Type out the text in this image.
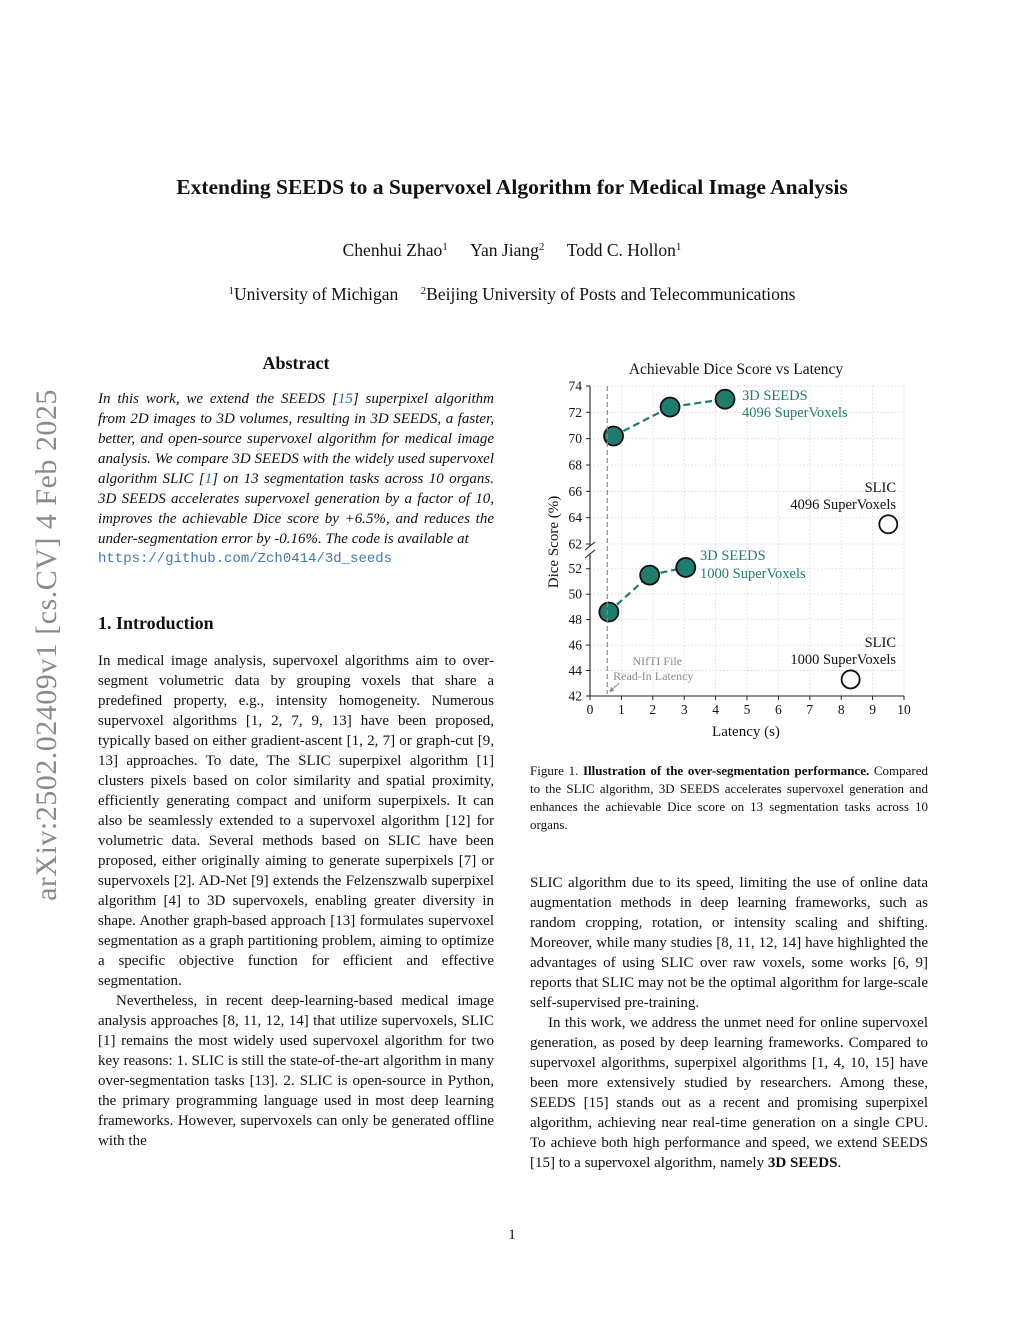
arXiv:2502.02409v1 [cs.CV] 4 Feb 2025
Extending SEEDS to a Supervoxel Algorithm for Medical Image Analysis
Chenhui Zhao$^1$ Yan Jiang$^2$ Todd C. Hollon$^1$
$^1$University of Michigan $^2$Beijing University of Posts and Telecommunications
Abstract
In this work, we extend the SEEDS [15] superpixel algorithm from 2D images to 3D volumes, resulting in 3D SEEDS, a faster, better, and open-source supervoxel algorithm for medical image analysis. We compare 3D SEEDS with the widely used supervoxel algorithm SLIC [1] on 13 segmentation tasks across 10 organs. 3D SEEDS accelerates supervoxel generation by a factor of 10, improves the achievable Dice score by +6.5%, and reduces the under-segmentation error by -0.16%. The code is available at
https://github.com/Zch0414/3d_seeds
1. Introduction

In medical image analysis, supervoxel algorithms aim to over-segment volumetric data by grouping voxels that share a predefined property, e.g., intensity homogeneity. Numerous supervoxel algorithms [1, 2, 7, 9, 13] have been proposed, typically based on either gradient-ascent [1, 2, 7] or graph-cut [9, 13] approaches. To date, The SLIC superpixel algorithm [1] clusters pixels based on color similarity and spatial proximity, efficiently generating compact and uniform superpixels. It can also be seamlessly extended to a supervoxel algorithm [12] for volumetric data. Several methods based on SLIC have been proposed, either originally aiming to generate superpixels [7] or supervoxels [2]. AD-Net [9] extends the Felzenszwalb superpixel algorithm [4] to 3D supervoxels, enabling greater diversity in shape. Another graph-based approach [13] formulates supervoxel segmentation as a graph partitioning problem, aiming to optimize a specific objective function for efficient and effective segmentation.

Nevertheless, in recent deep-learning-based medical image analysis approaches [8, 11, 12, 14] that utilize supervoxels, SLIC [1] remains the most widely used supervoxel algorithm for two key reasons: 1. SLIC is still the state-of-the-art algorithm in many over-segmentation tasks [13]. 2. SLIC is open-source in Python, the primary programming language used in most deep learning frameworks. However, supervoxels can only be generated offline with the

Achievable Dice Score vs Latency
Dice Score (%)
Latency (s)
0 1 2 3 4 5 6 7 8 9 10
62
64
66
68
70
72
74
42
44
46
48
50
52
NIfTI File
Read-In Latency
3D SEEDS
4096 SuperVoxels
SLIC
4096 SuperVoxels
3D SEEDS
1000 SuperVoxels
SLIC
1000 SuperVoxels
Figure 1. Illustration of the over-segmentation performance. Compared to the SLIC algorithm, 3D SEEDS accelerates supervoxel generation and enhances the achievable Dice score on 13 segmentation tasks across 10 organs.

SLIC algorithm due to its speed, limiting the use of online data augmentation methods in deep learning frameworks, such as random cropping, rotation, or intensity scaling and shifting. Moreover, while many studies [8, 11, 12, 14] have highlighted the advantages of using SLIC over raw voxels, some works [6, 9] reports that SLIC may not be the optimal algorithm for large-scale self-supervised pre-training.

In this work, we address the unmet need for online supervoxel generation, as posed by deep learning frameworks. Compared to supervoxel algorithms, superpixel algorithms [1, 4, 10, 15] have been more extensively studied by researchers. Among these, SEEDS [15] stands out as a recent and promising superpixel algorithm, achieving near real-time generation on a single CPU. To achieve both high performance and speed, we extend SEEDS [15] to a supervoxel algorithm, namely 3D SEEDS.

1
